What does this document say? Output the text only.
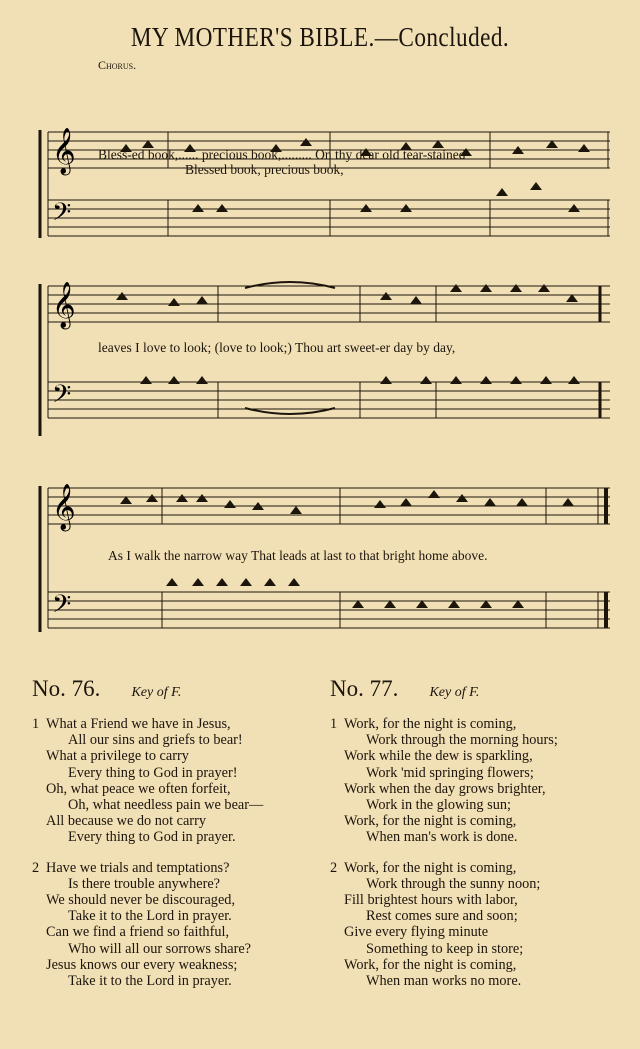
MY MOTHER'S BIBLE.—Concluded.
𝄞
𝄢
Chorus.
Bless-ed book,...... precious book,......... On thy dear old tear-stained
Blessed book, precious book,
𝄞
𝄢
leaves I love to look; (love to look;) Thou art sweet-er day by day,
𝄞
𝄢
As I walk the narrow way That leads at last to that bright home above.
No. 76. Key of F.
1 What a Friend we have in Jesus,
All our sins and griefs to bear!
What a privilege to carry
Every thing to God in prayer!
Oh, what peace we often forfeit,
Oh, what needless pain we bear—
All because we do not carry
Every thing to God in prayer.
2 Have we trials and temptations?
Is there trouble anywhere?
We should never be discouraged,
Take it to the Lord in prayer.
Can we find a friend so faithful,
Who will all our sorrows share?
Jesus knows our every weakness;
Take it to the Lord in prayer.
No. 77. Key of F.
1 Work, for the night is coming,
Work through the morning hours;
Work while the dew is sparkling,
Work 'mid springing flowers;
Work when the day grows brighter,
Work in the glowing sun;
Work, for the night is coming,
When man's work is done.
2 Work, for the night is coming,
Work through the sunny noon;
Fill brightest hours with labor,
Rest comes sure and soon;
Give every flying minute
Something to keep in store;
Work, for the night is coming,
When man works no more.
